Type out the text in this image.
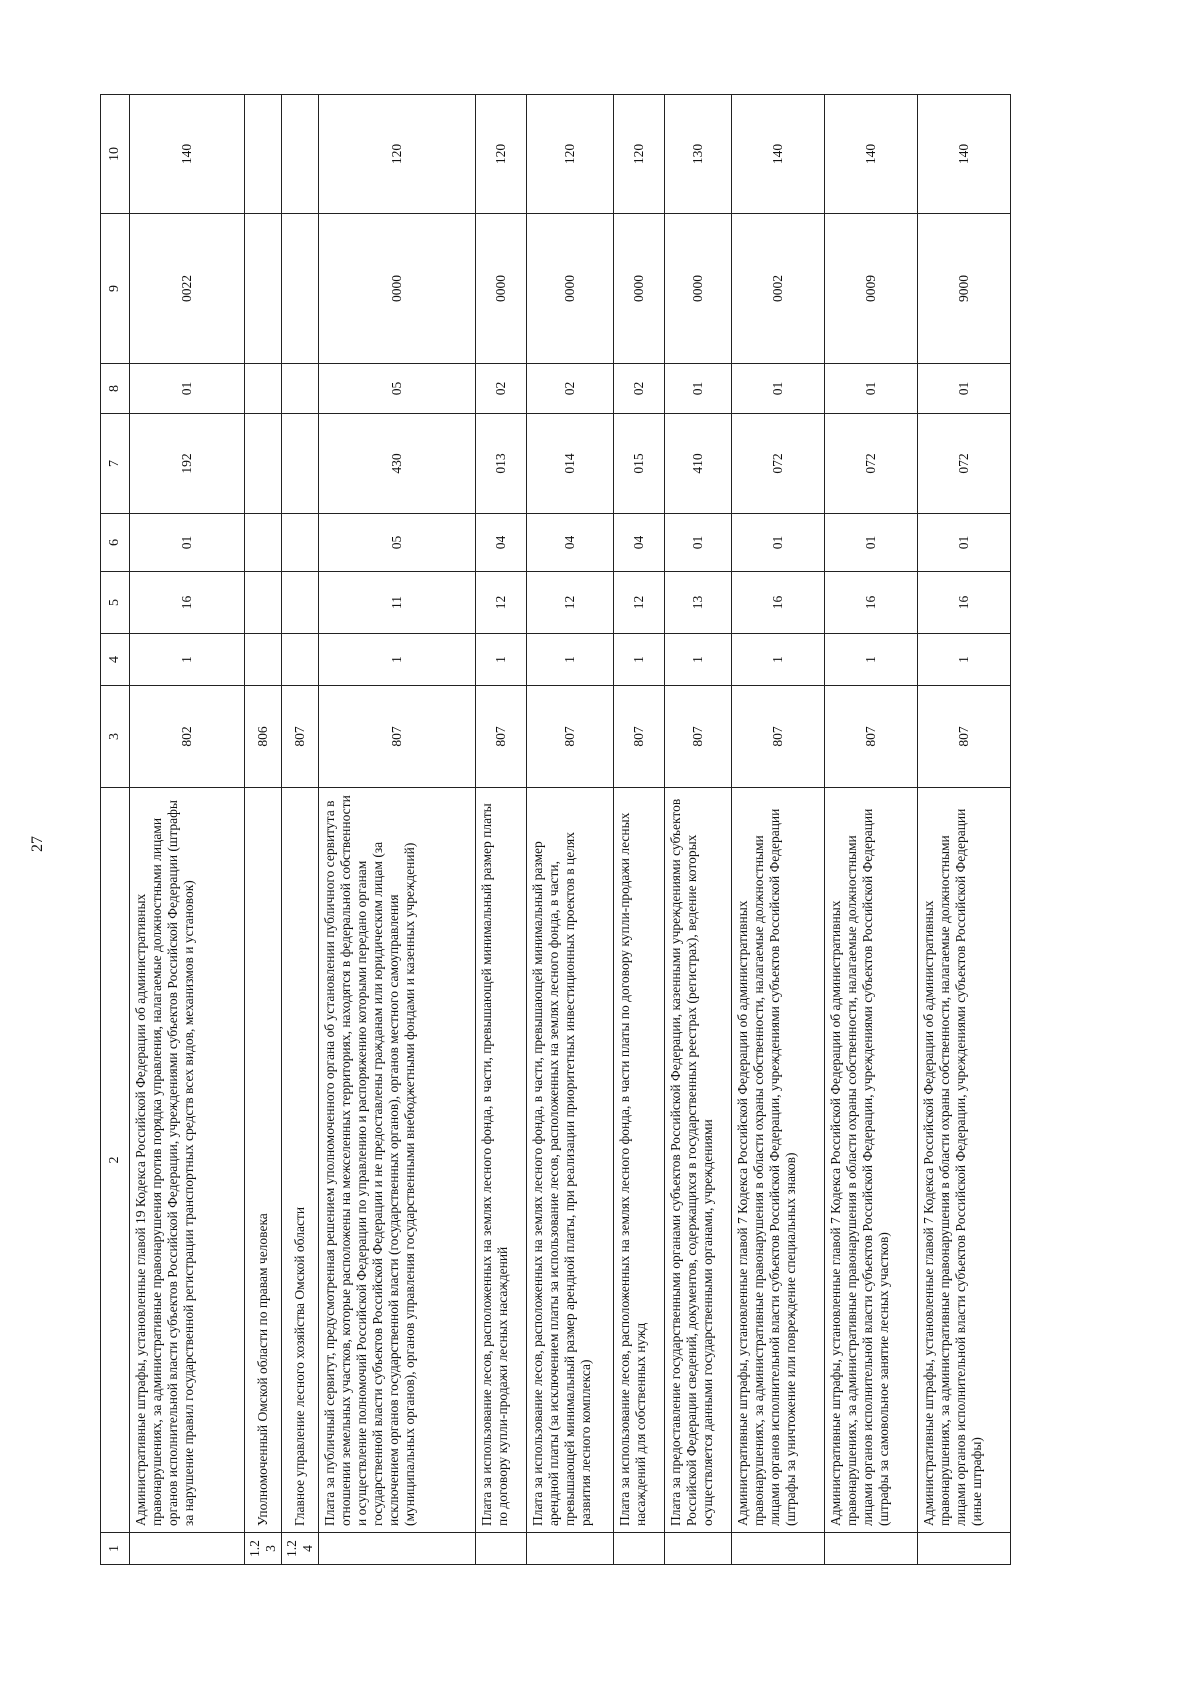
27
1	2	3	4	5	6	7	8	9	10
	Административные штрафы, установленные главой 19 Кодекса Российской Федерации об административных правонарушениях, за административные правонарушения против порядка управления, налагаемые должностными лицами органов исполнительной власти субъектов Российской Федерации, учреждениями субъектов Российской Федерации (штрафы за нарушение правил государственной регистрации транспортных средств всех видов, механизмов и установок)	802	1	16	01	192	01	0022	140
1.23	Уполномоченный Омской области по правам человека	806							
1.24	Главное управление лесного хозяйства Омской области	807							
	Плата за публичный сервитут, предусмотренная решением уполномоченного органа об установлении публичного сервитута в отношении земельных участков, которые расположены на межселенных территориях, находятся в федеральной собственности и осуществление полномочий Российской Федерации по управлению и распоряжению которыми передано органам государственной власти субъектов Российской Федерации и не предоставлены гражданам или юридическим лицам (за исключением органов государственной власти (государственных органов), органов местного самоуправления (муниципальных органов), органов управления государственными внебюджетными фондами и казенных учреждений)	807	1	11	05	430	05	0000	120
	Плата за использование лесов, расположенных на землях лесного фонда, в части, превышающей минимальный размер платы по договору купли-продажи лесных насаждений	807	1	12	04	013	02	0000	120
	Плата за использование лесов, расположенных на землях лесного фонда, в части, превышающей минимальный размер арендной платы (за исключением платы за использование лесов, расположенных на землях лесного фонда, в части, превышающей минимальный размер арендной платы, при реализации приоритетных инвестиционных проектов в целях развития лесного комплекса)	807	1	12	04	014	02	0000	120
	Плата за использование лесов, расположенных на землях лесного фонда, в части платы по договору купли-продажи лесных насаждений для собственных нужд	807	1	12	04	015	02	0000	120
	Плата за предоставление государственными органами субъектов Российской Федерации, казенными учреждениями субъектов Российской Федерации сведений, документов, содержащихся в государственных реестрах (регистрах), ведение которых осуществляется данными государственными органами, учреждениями	807	1	13	01	410	01	0000	130
	Административные штрафы, установленные главой 7 Кодекса Российской Федерации об административных правонарушениях, за административные правонарушения в области охраны собственности, налагаемые должностными лицами органов исполнительной власти субъектов Российской Федерации, учреждениями субъектов Российской Федерации (штрафы за уничтожение или повреждение специальных знаков)	807	1	16	01	072	01	0002	140
	Административные штрафы, установленные главой 7 Кодекса Российской Федерации об административных правонарушениях, за административные правонарушения в области охраны собственности, налагаемые должностными лицами органов исполнительной власти субъектов Российской Федерации, учреждениями субъектов Российской Федерации (штрафы за самовольное занятие лесных участков)	807	1	16	01	072	01	0009	140
	Административные штрафы, установленные главой 7 Кодекса Российской Федерации об административных правонарушениях, за административные правонарушения в области охраны собственности, налагаемые должностными лицами органов исполнительной власти субъектов Российской Федерации, учреждениями субъектов Российской Федерации (иные штрафы)	807	1	16	01	072	01	9000	140
